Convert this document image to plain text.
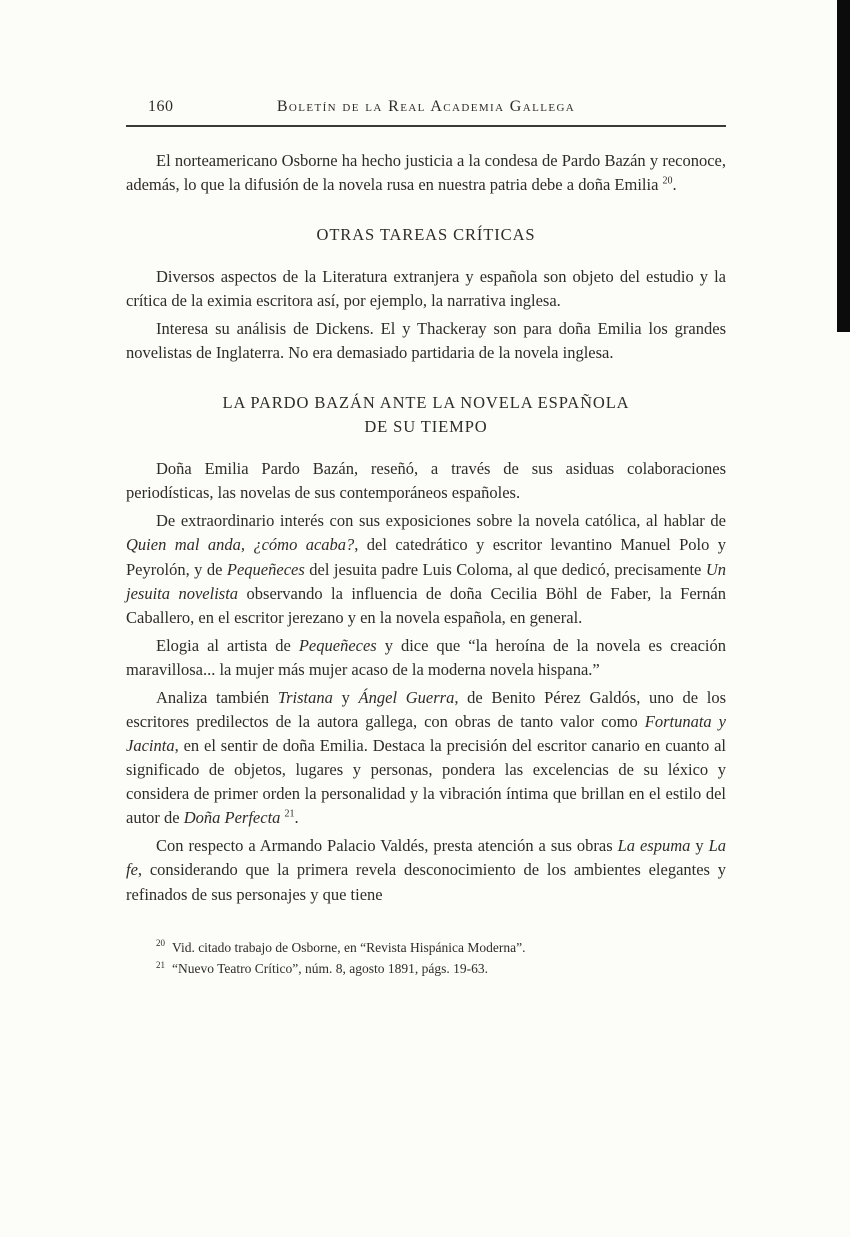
160	Boletín de la Real Academia Gallega

El norteamericano Osborne ha hecho justicia a la condesa de Pardo Bazán y reconoce, además, lo que la difusión de la novela rusa en nuestra patria debe a doña Emilia $^{20}$.

OTRAS TAREAS CRÍTICAS

Diversos aspectos de la Literatura extranjera y española son objeto del estudio y la crítica de la eximia escritora así, por ejemplo, la narrativa inglesa.

Interesa su análisis de Dickens. El y Thackeray son para doña Emilia los grandes novelistas de Inglaterra. No era demasiado partidaria de la novela inglesa.

LA PARDO BAZÁN ANTE LA NOVELA ESPAÑOLA
DE SU TIEMPO

Doña Emilia Pardo Bazán, reseñó, a través de sus asiduas colaboraciones periodísticas, las novelas de sus contemporáneos españoles.

De extraordinario interés con sus exposiciones sobre la novela católica, al hablar de Quien mal anda, ¿cómo acaba?, del catedrático y escritor levantino Manuel Polo y Peyrolón, y de Pequeñeces del jesuita padre Luis Coloma, al que dedicó, precisamente Un jesuita novelista observando la influencia de doña Cecilia Böhl de Faber, la Fernán Caballero, en el escritor jerezano y en la novela española, en general.

Elogia al artista de Pequeñeces y dice que “la heroína de la novela es creación maravillosa... la mujer más mujer acaso de la moderna novela hispana.”

Analiza también Tristana y Ángel Guerra, de Benito Pérez Galdós, uno de los escritores predilectos de la autora gallega, con obras de tanto valor como Fortunata y Jacinta, en el sentir de doña Emilia. Destaca la precisión del escritor canario en cuanto al significado de objetos, lugares y personas, pondera las excelencias de su léxico y considera de primer orden la personalidad y la vibración íntima que brillan en el estilo del autor de Doña Perfecta $^{21}$.

Con respecto a Armando Palacio Valdés, presta atención a sus obras La espuma y La fe, considerando que la primera revela desconocimiento de los ambientes elegantes y refinados de sus personajes y que tiene

$^{20}$ Vid. citado trabajo de Osborne, en “Revista Hispánica Moderna”.
$^{21}$ “Nuevo Teatro Crítico”, núm. 8, agosto 1891, págs. 19-63.
